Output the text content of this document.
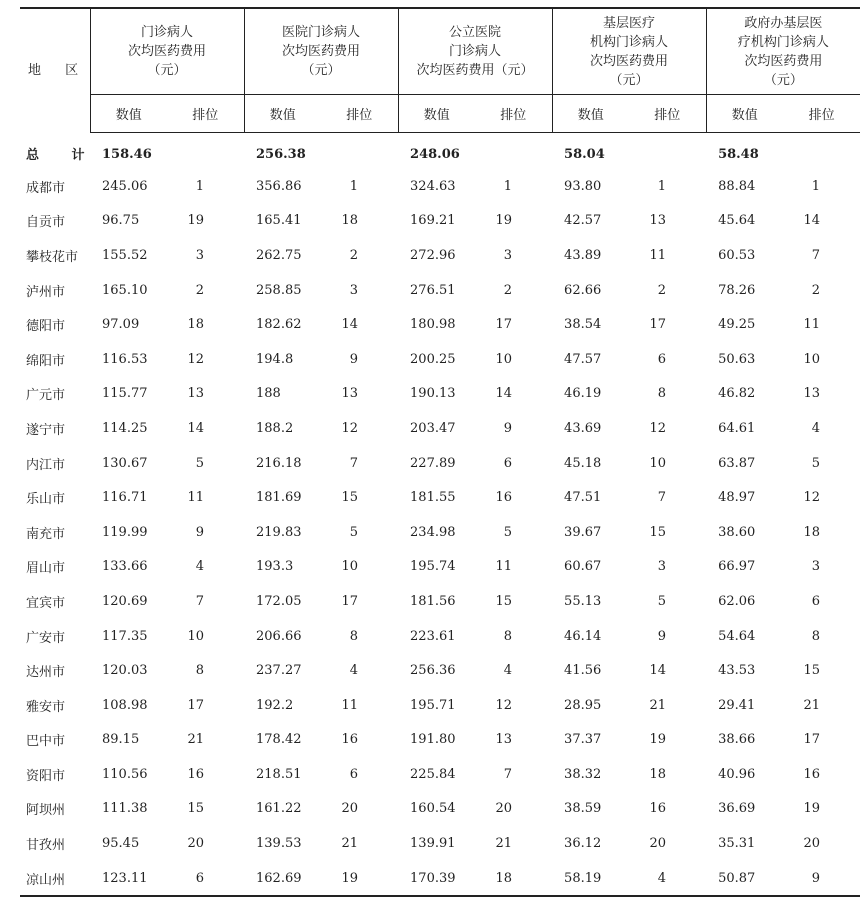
地 区	门诊病人
次均医药费用
（元）		医院门诊病人
次均医药费用
（元）		公立医院
门诊病人
次均医药费用（元）		基层医疗
机构门诊病人
次均医药费用
（元）		政府办基层医
疗机构门诊病人
次均医药费用
（元）	
	数值	排位	数值	排位	数值	排位	数值	排位	数值	排位
总 计	158.46		256.38		248.06		58.04		58.48	
成都市	245.06	1	356.86	1	324.63	1	93.80	1	88.84	1
自贡市	96.75	19	165.41	18	169.21	19	42.57	13	45.64	14
攀枝花市	155.52	3	262.75	2	272.96	3	43.89	11	60.53	7
泸州市	165.10	2	258.85	3	276.51	2	62.66	2	78.26	2
德阳市	97.09	18	182.62	14	180.98	17	38.54	17	49.25	11
绵阳市	116.53	12	194.8	9	200.25	10	47.57	6	50.63	10
广元市	115.77	13	188	13	190.13	14	46.19	8	46.82	13
遂宁市	114.25	14	188.2	12	203.47	9	43.69	12	64.61	4
内江市	130.67	5	216.18	7	227.89	6	45.18	10	63.87	5
乐山市	116.71	11	181.69	15	181.55	16	47.51	7	48.97	12
南充市	119.99	9	219.83	5	234.98	5	39.67	15	38.60	18
眉山市	133.66	4	193.3	10	195.74	11	60.67	3	66.97	3
宜宾市	120.69	7	172.05	17	181.56	15	55.13	5	62.06	6
广安市	117.35	10	206.66	8	223.61	8	46.14	9	54.64	8
达州市	120.03	8	237.27	4	256.36	4	41.56	14	43.53	15
雅安市	108.98	17	192.2	11	195.71	12	28.95	21	29.41	21
巴中市	89.15	21	178.42	16	191.80	13	37.37	19	38.66	17
资阳市	110.56	16	218.51	6	225.84	7	38.32	18	40.96	16
阿坝州	111.38	15	161.22	20	160.54	20	38.59	16	36.69	19
甘孜州	95.45	20	139.53	21	139.91	21	36.12	20	35.31	20
凉山州	123.11	6	162.69	19	170.39	18	58.19	4	50.87	9
